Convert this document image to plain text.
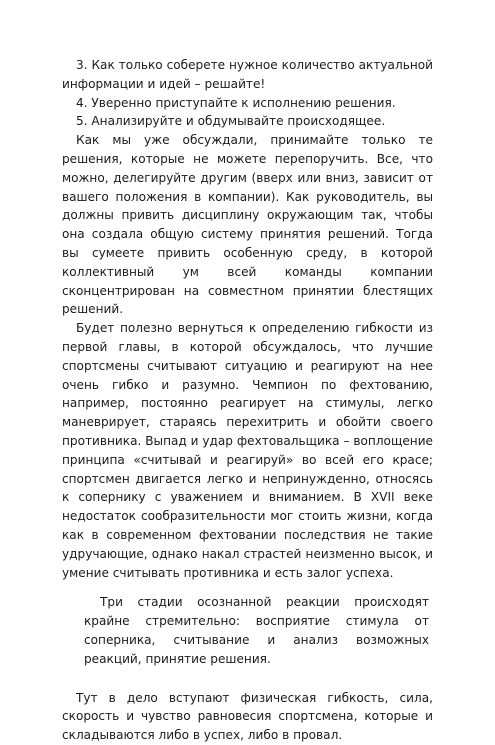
3. Как только соберете нужное количество актуальной информации и идей – решайте!

4. Уверенно приступайте к исполнению решения.

5. Анализируйте и обдумывайте происходящее.

Как мы уже обсуждали, принимайте только те решения, которые не можете перепоручить. Все, что можно, делегируйте другим (вверх или вниз, зависит от вашего положения в компании). Как руководитель, вы должны привить дисциплину окружающим так, чтобы она создала общую систему принятия решений. Тогда вы сумеете привить особенную среду, в которой коллективный ум всей команды компании сконцентрирован на совместном принятии блестящих решений.

Будет полезно вернуться к определению гибкости из первой главы, в которой обсуждалось, что лучшие спортсмены считывают ситуацию и реагируют на нее очень гибко и разумно. Чемпион по фехтованию, например, постоянно реагирует на стимулы, легко маневрирует, стараясь перехитрить и обойти своего противника. Выпад и удар фехтовальщика – воплощение принципа «считывай и реагируй» во всей его красе; спортсмен двигается легко и непринужденно, относясь к сопернику с уважением и вниманием. В XVII веке недостаток сообразительности мог стоить жизни, когда как в современном фехтовании последствия не такие удручающие, однако накал страстей неизменно высок, и умение считывать противника и есть залог успеха.

Три стадии осознанной реакции происходят крайне стремительно: восприятие стимула от соперника, считывание и анализ возможных реакций, принятие решения.

Тут в дело вступают физическая гибкость, сила, скорость и чувство равновесия спортсмена, которые и складываются либо в успех, либо в провал.
